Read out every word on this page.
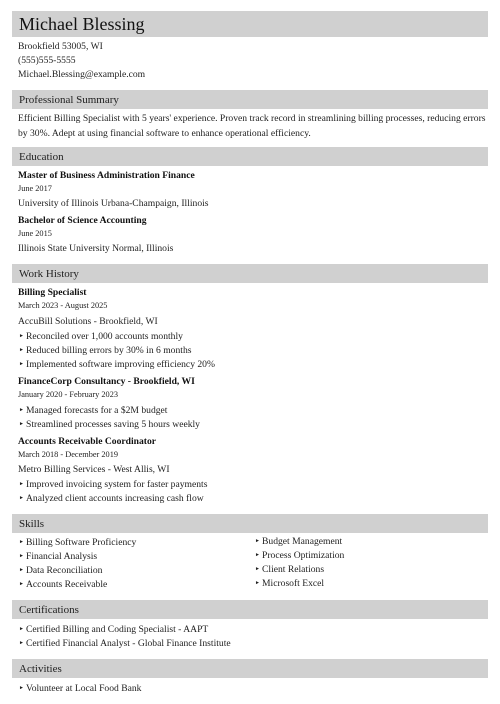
Michael Blessing
Brookfield 53005, WI
(555)555-5555
Michael.Blessing@example.com
Professional Summary
Efficient Billing Specialist with 5 years' experience. Proven track record in streamlining billing processes, reducing errors by 30%. Adept at using financial software to enhance operational efficiency.
Education
Master of Business Administration Finance
June 2017
University of Illinois Urbana-Champaign, Illinois
Bachelor of Science Accounting
June 2015
Illinois State University Normal, Illinois
Work History
Billing Specialist
March 2023 - August 2025
AccuBill Solutions - Brookfield, WI
► Reconciled over 1,000 accounts monthly
► Reduced billing errors by 30% in 6 months
► Implemented software improving efficiency 20%
FinanceCorp Consultancy - Brookfield, WI
January 2020 - February 2023
► Managed forecasts for a $2M budget
► Streamlined processes saving 5 hours weekly
Accounts Receivable Coordinator
March 2018 - December 2019
Metro Billing Services - West Allis, WI
► Improved invoicing system for faster payments
► Analyzed client accounts increasing cash flow
Skills
► Billing Software Proficiency
► Financial Analysis
► Data Reconciliation
► Accounts Receivable
► Budget Management
► Process Optimization
► Client Relations
► Microsoft Excel
Certifications
► Certified Billing and Coding Specialist - AAPT
► Certified Financial Analyst - Global Finance Institute
Activities
► Volunteer at Local Food Bank
